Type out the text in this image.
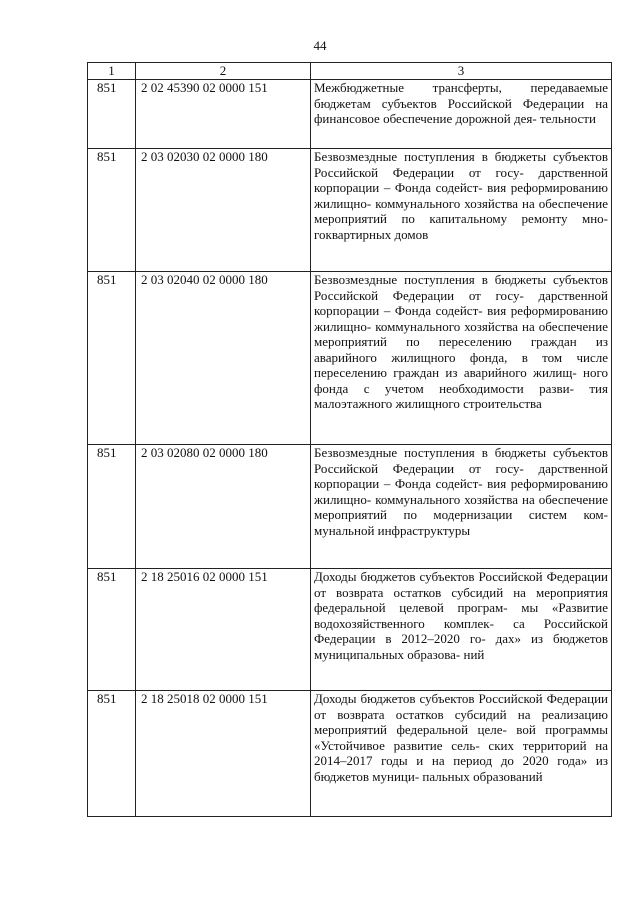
44
1	2	3
851	2 02 45390 02 0000 151	Межбюджетные трансферты, передаваемые бюджетам субъектов Российской Федерации на финансовое обеспечение дорожной дея- тельности
851	2 03 02030 02 0000 180	Безвозмездные поступления в бюджеты субъектов Российской Федерации от госу- дарственной корпорации – Фонда содейст- вия реформированию жилищно- коммунального хозяйства на обеспечение мероприятий по капитальному ремонту мно- гоквартирных домов
851	2 03 02040 02 0000 180	Безвозмездные поступления в бюджеты субъектов Российской Федерации от госу- дарственной корпорации – Фонда содейст- вия реформированию жилищно- коммунального хозяйства на обеспечение мероприятий по переселению граждан из аварийного жилищного фонда, в том числе переселению граждан из аварийного жилищ- ного фонда с учетом необходимости разви- тия малоэтажного жилищного строительства
851	2 03 02080 02 0000 180	Безвозмездные поступления в бюджеты субъектов Российской Федерации от госу- дарственной корпорации – Фонда содейст- вия реформированию жилищно- коммунального хозяйства на обеспечение мероприятий по модернизации систем ком- мунальной инфраструктуры
851	2 18 25016 02 0000 151	Доходы бюджетов субъектов Российской Федерации от возврата остатков субсидий на мероприятия федеральной целевой програм- мы «Развитие водохозяйственного комплек- са Российской Федерации в 2012–2020 го- дах» из бюджетов муниципальных образова- ний
851	2 18 25018 02 0000 151	Доходы бюджетов субъектов Российской Федерации от возврата остатков субсидий на реализацию мероприятий федеральной целе- вой программы «Устойчивое развитие сель- ских территорий на 2014–2017 годы и на период до 2020 года» из бюджетов муници- пальных образований
